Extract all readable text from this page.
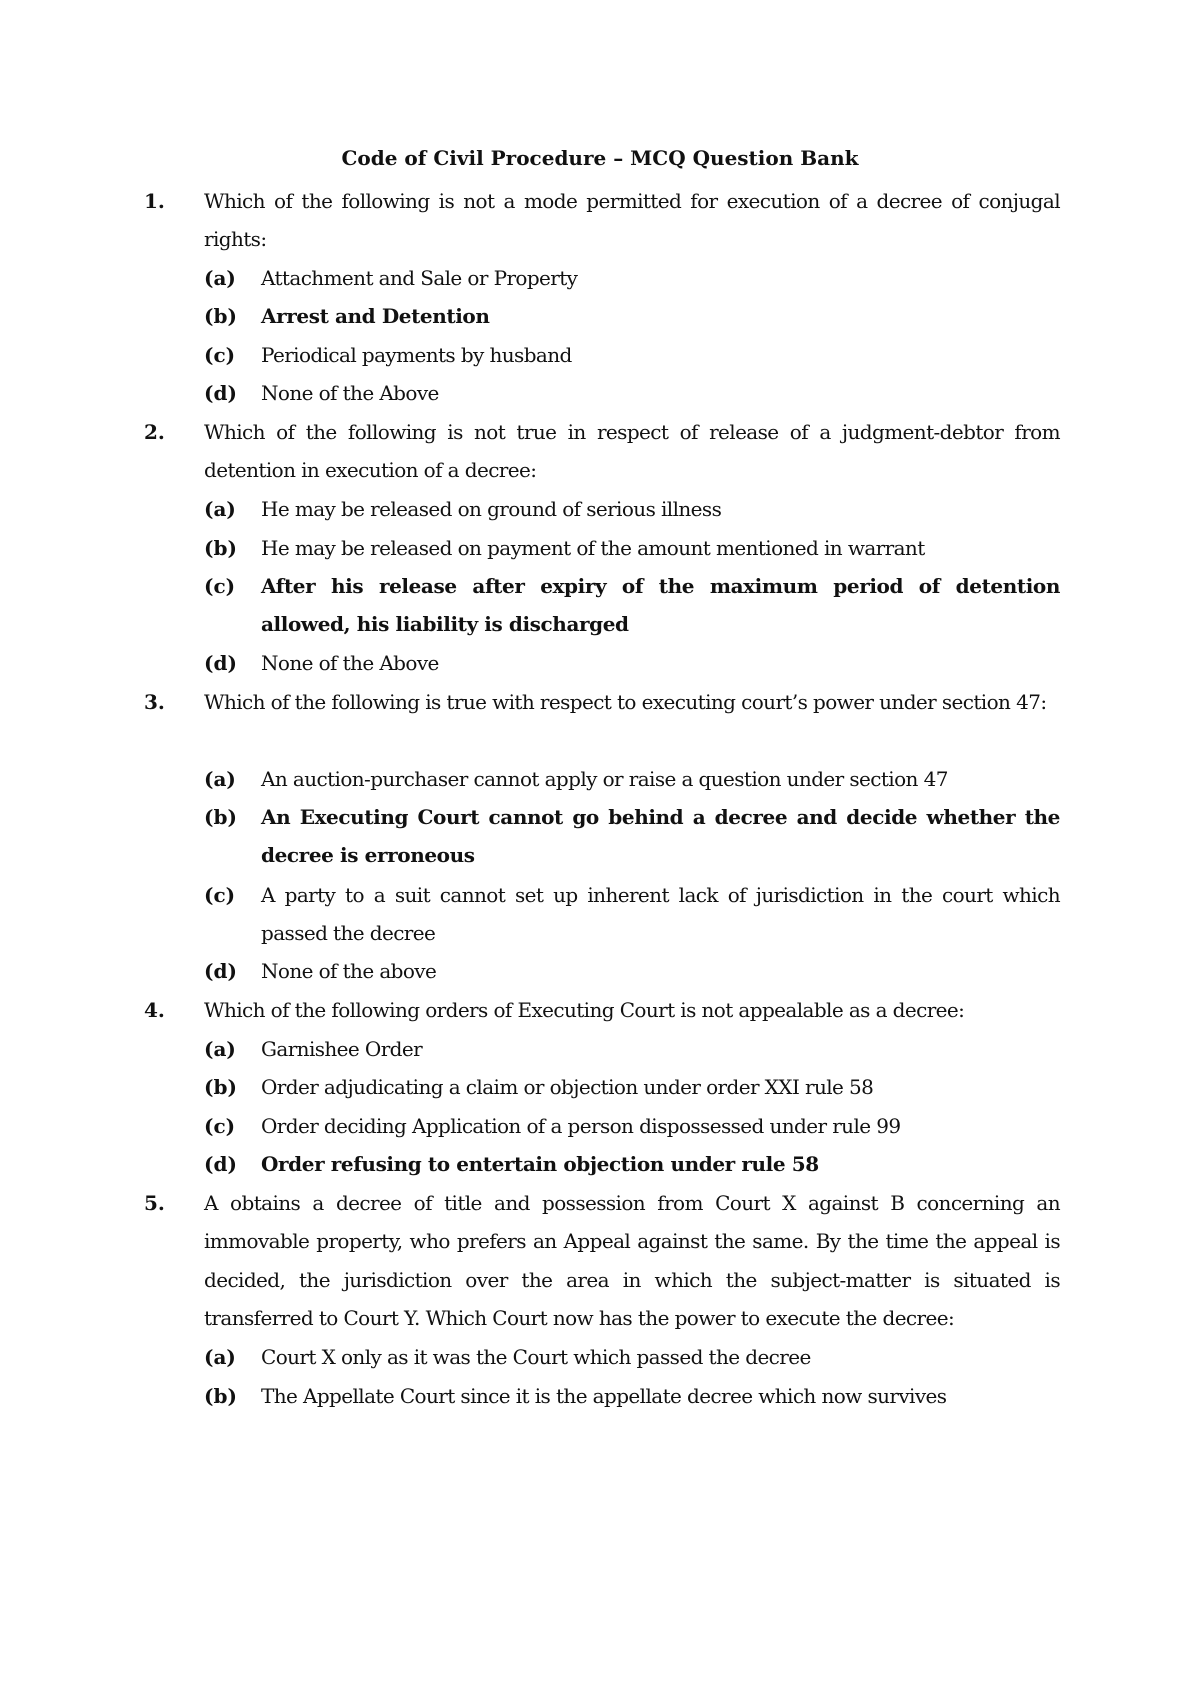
Code of Civil Procedure – MCQ Question Bank
1.	Which of the following is not a mode permitted for execution of a decree of conjugal rights:
(a)	Attachment and Sale or Property
(b)	Arrest and Detention
(c)	Periodical payments by husband
(d)	None of the Above
2.	Which of the following is not true in respect of release of a judgment-debtor from detention in execution of a decree:
(a)	He may be released on ground of serious illness
(b)	He may be released on payment of the amount mentioned in warrant
(c)	After his release after expiry of the maximum period of detention allowed, his liability is discharged
(d)	None of the Above
3.	Which of the following is true with respect to executing court’s power under section 47:
(a)	An auction-purchaser cannot apply or raise a question under section 47
(b)	An Executing Court cannot go behind a decree and decide whether the decree is erroneous
(c)	A party to a suit cannot set up inherent lack of jurisdiction in the court which passed the decree
(d)	None of the above
4.	Which of the following orders of Executing Court is not appealable as a decree:
(a)	Garnishee Order
(b)	Order adjudicating a claim or objection under order XXI rule 58
(c)	Order deciding Application of a person dispossessed under rule 99
(d)	Order refusing to entertain objection under rule 58
5.	A obtains a decree of title and possession from Court X against B concerning an immovable property, who prefers an Appeal against the same. By the time the appeal is decided, the jurisdiction over the area in which the subject-matter is situated is transferred to Court Y. Which Court now has the power to execute the decree:
(a)	Court X only as it was the Court which passed the decree
(b)	The Appellate Court since it is the appellate decree which now survives
